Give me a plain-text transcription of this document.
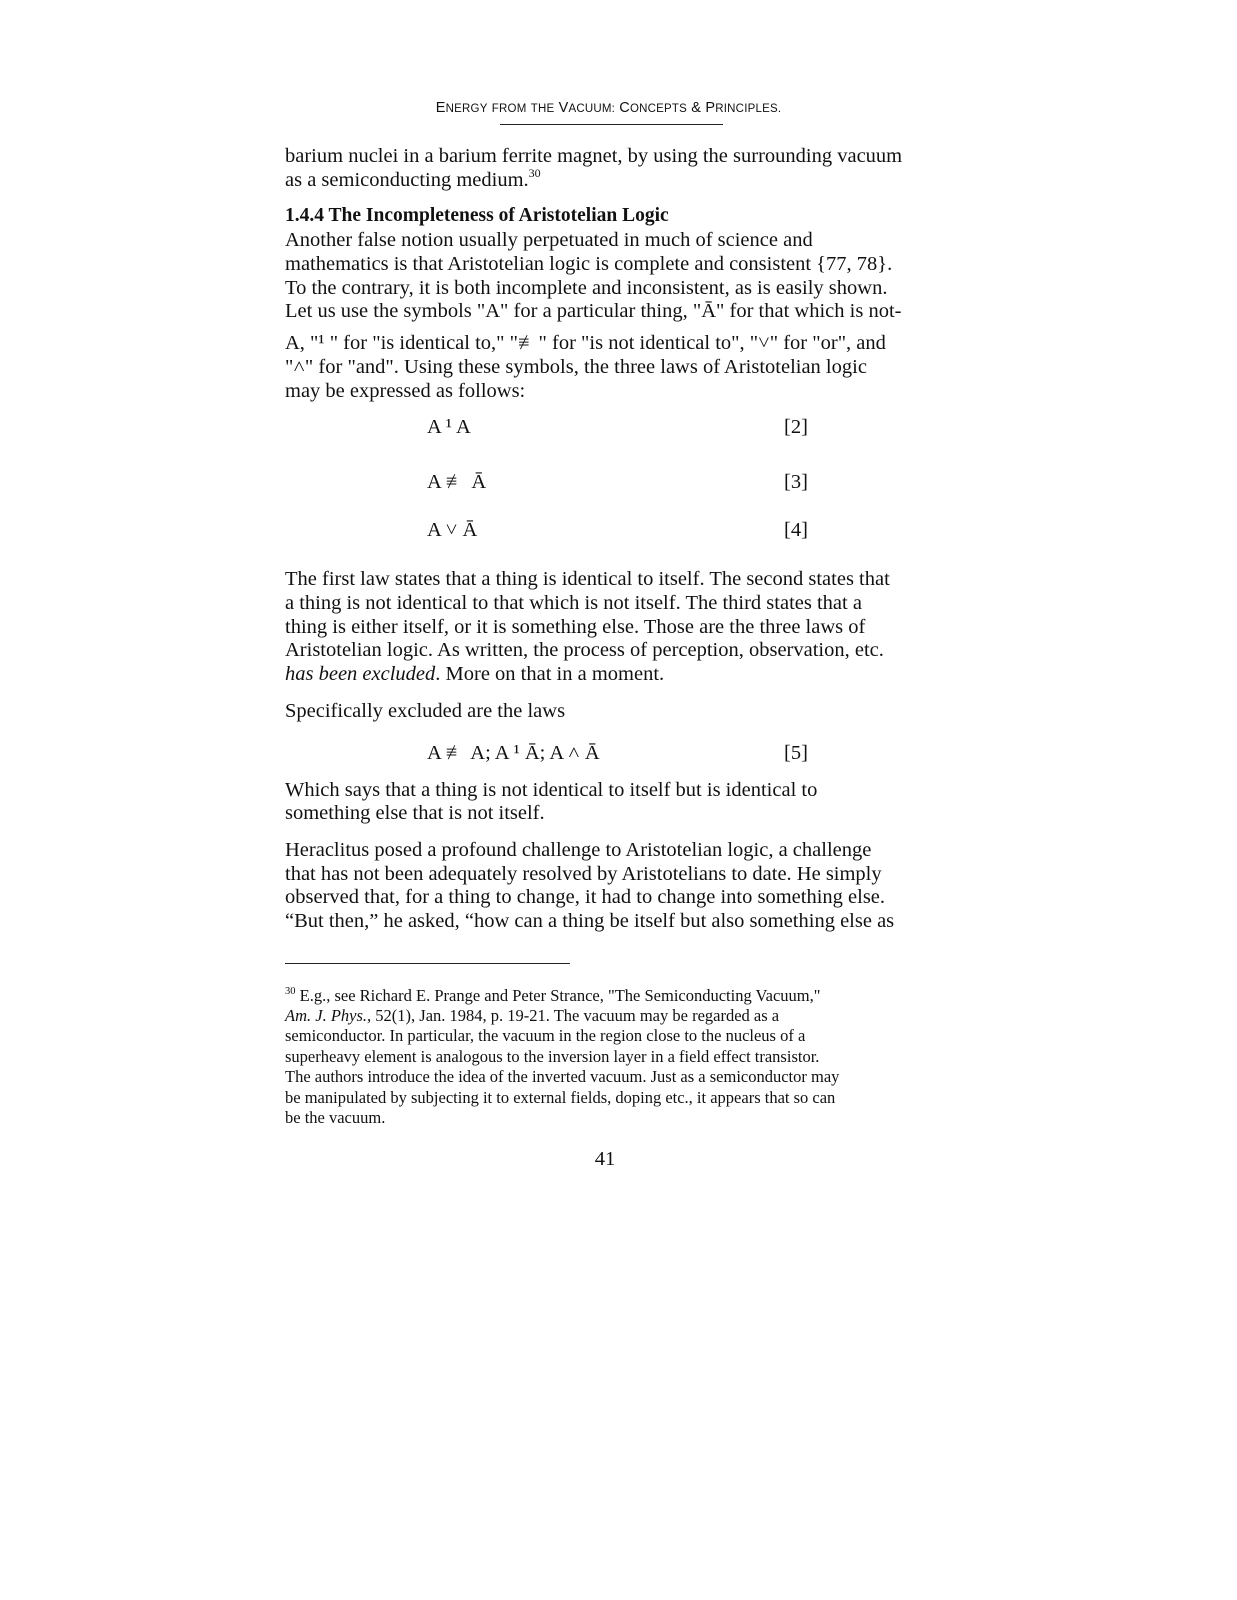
ENERGY FROM THE VACUUM: CONCEPTS & PRINCIPLES.
barium nuclei in a barium ferrite magnet, by using the surrounding vacuum
as a semiconducting medium.$^{30}$
1.4.4 The Incompleteness of Aristotelian Logic
Another false notion usually perpetuated in much of science and
mathematics is that Aristotelian logic is complete and consistent {77, 78}.
To the contrary, it is both incomplete and inconsistent, as is easily shown.
Let us use the symbols "A" for a particular thing, "Ā" for that which is not-
A, "¹ " for "is identical to," "≢" for "is not identical to", "˅" for "or", and
"˄" for "and". Using these symbols, the three laws of Aristotelian logic
may be expressed as follows:
A ¹ A	[2]
A ≢ Ā	[3]
A ˅ Ā	[4]
The first law states that a thing is identical to itself. The second states that
a thing is not identical to that which is not itself. The third states that a
thing is either itself, or it is something else. Those are the three laws of
Aristotelian logic. As written, the process of perception, observation, etc.
has been excluded. More on that in a moment.
Specifically excluded are the laws
A ≢ A; A ¹ Ā; A ˄ Ā	[5]
Which says that a thing is not identical to itself but is identical to
something else that is not itself.
Heraclitus posed a profound challenge to Aristotelian logic, a challenge
that has not been adequately resolved by Aristotelians to date. He simply
observed that, for a thing to change, it had to change into something else.
“But then,” he asked, “how can a thing be itself but also something else as
$^{30}$ E.g., see Richard E. Prange and Peter Strance, "The Semiconducting Vacuum,"
Am. J. Phys., 52(1), Jan. 1984, p. 19-21. The vacuum may be regarded as a
semiconductor. In particular, the vacuum in the region close to the nucleus of a
superheavy element is analogous to the inversion layer in a field effect transistor.
The authors introduce the idea of the inverted vacuum. Just as a semiconductor may
be manipulated by subjecting it to external fields, doping etc., it appears that so can
be the vacuum.
41
